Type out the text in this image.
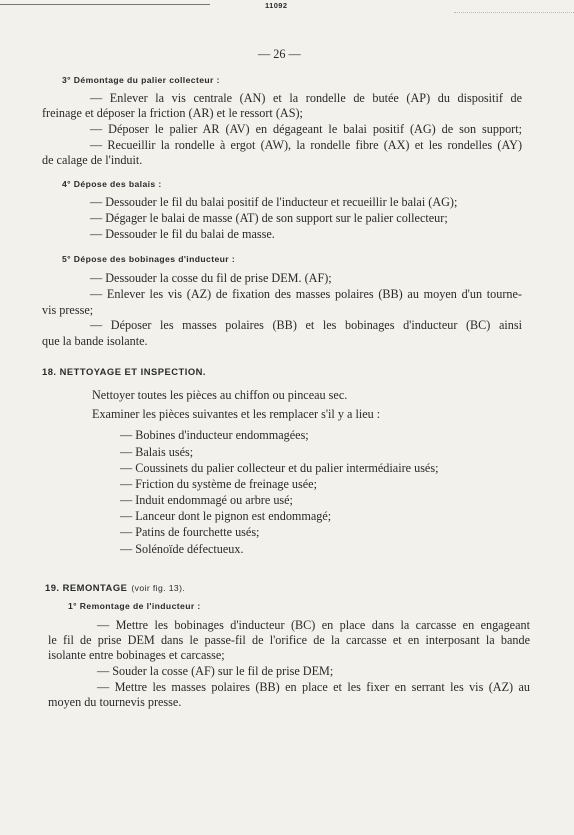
11092
— 26 —
3° Démontage du palier collecteur :
— Enlever la vis centrale (AN) et la rondelle de butée (AP) du dispositif de
freinage et déposer la friction (AR) et le ressort (AS);
— Déposer le palier AR (AV) en dégageant le balai positif (AG) de son support;
— Recueillir la rondelle à ergot (AW), la rondelle fibre (AX) et les rondelles (AY)
de calage de l'induit.
4° Dépose des balais :
— Dessouder le fil du balai positif de l'inducteur et recueillir le balai (AG);
— Dégager le balai de masse (AT) de son support sur le palier collecteur;
— Dessouder le fil du balai de masse.
5° Dépose des bobinages d'inducteur :
— Dessouder la cosse du fil de prise DEM. (AF);
— Enlever les vis (AZ) de fixation des masses polaires (BB) au moyen d'un tourne-
vis presse;
— Déposer les masses polaires (BB) et les bobinages d'inducteur (BC) ainsi
que la bande isolante.
18. NETTOYAGE ET INSPECTION.
Nettoyer toutes les pièces au chiffon ou pinceau sec.
Examiner les pièces suivantes et les remplacer s'il y a lieu :
— Bobines d'inducteur endommagées;
— Balais usés;
— Coussinets du palier collecteur et du palier intermédiaire usés;
— Friction du système de freinage usée;
— Induit endommagé ou arbre usé;
— Lanceur dont le pignon est endommagé;
— Patins de fourchette usés;
— Solénoïde défectueux.
19. REMONTAGE (voir fig. 13).
1° Remontage de l'inducteur :
— Mettre les bobinages d'inducteur (BC) en place dans la carcasse en engageant
le fil de prise DEM dans le passe-fil de l'orifice de la carcasse et en interposant la bande
isolante entre bobinages et carcasse;
— Souder la cosse (AF) sur le fil de prise DEM;
— Mettre les masses polaires (BB) en place et les fixer en serrant les vis (AZ) au
moyen du tournevis presse.
